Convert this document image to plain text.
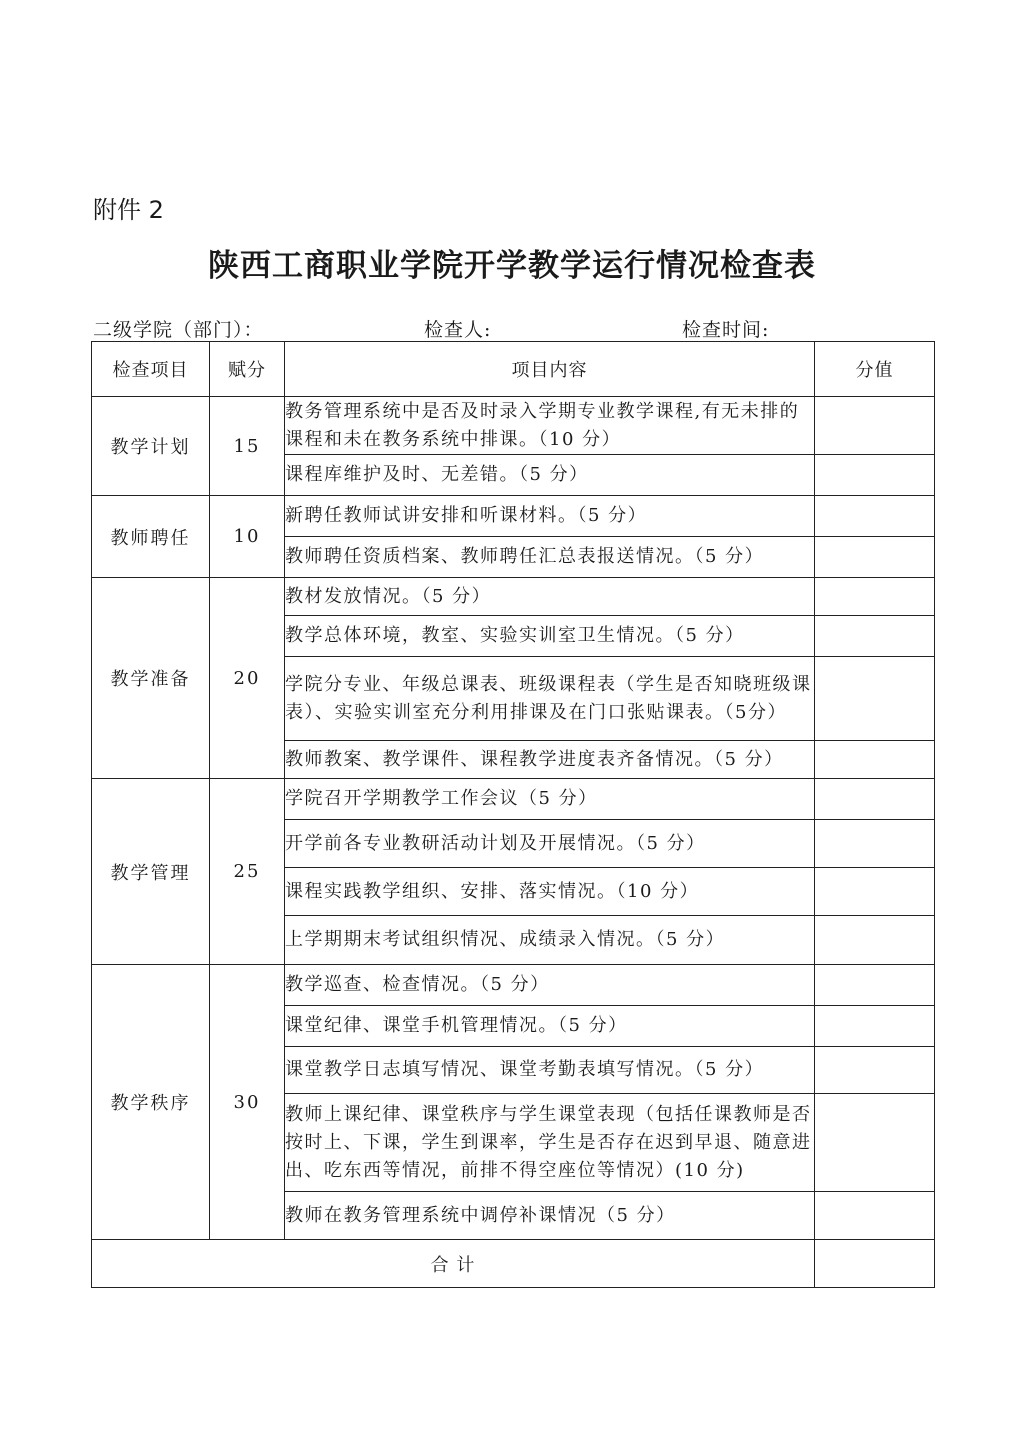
附件 2
陕西工商职业学院开学教学运行情况检查表
二级学院（部门）：	检查人:	检查时间:
检查项目	赋分	项目内容	分值
教学计划	15	教务管理系统中是否及时录入学期专业教学课程,有无未排的课程和未在教务系统中排课。（10 分）	
		课程库维护及时、无差错。（5 分）	
教师聘任	10	新聘任教师试讲安排和听课材料。（5 分）	
		教师聘任资质档案、教师聘任汇总表报送情况。（5 分）	
教学准备	20	教材发放情况。（5 分）	
		教学总体环境，教室、实验实训室卫生情况。（5 分）	
		学院分专业、年级总课表、班级课程表（学生是否知晓班级课表）、实验实训室充分利用排课及在门口张贴课表。（5分）	
		教师教案、教学课件、课程教学进度表齐备情况。（5 分）	
教学管理	25	学院召开学期教学工作会议（5 分）	
		开学前各专业教研活动计划及开展情况。（5 分）	
		课程实践教学组织、安排、落实情况。（10 分）	
		上学期期末考试组织情况、成绩录入情况。（5 分）	
教学秩序	30	教学巡查、检查情况。（5 分）	
		课堂纪律、课堂手机管理情况。（5 分）	
		课堂教学日志填写情况、课堂考勤表填写情况。（5 分）	
		教师上课纪律、课堂秩序与学生课堂表现（包括任课教师是否按时上、下课，学生到课率，学生是否存在迟到早退、随意进出、吃东西等情况，前排不得空座位等情况）(10 分)	
		教师在教务管理系统中调停补课情况（5 分）	
合 计			
